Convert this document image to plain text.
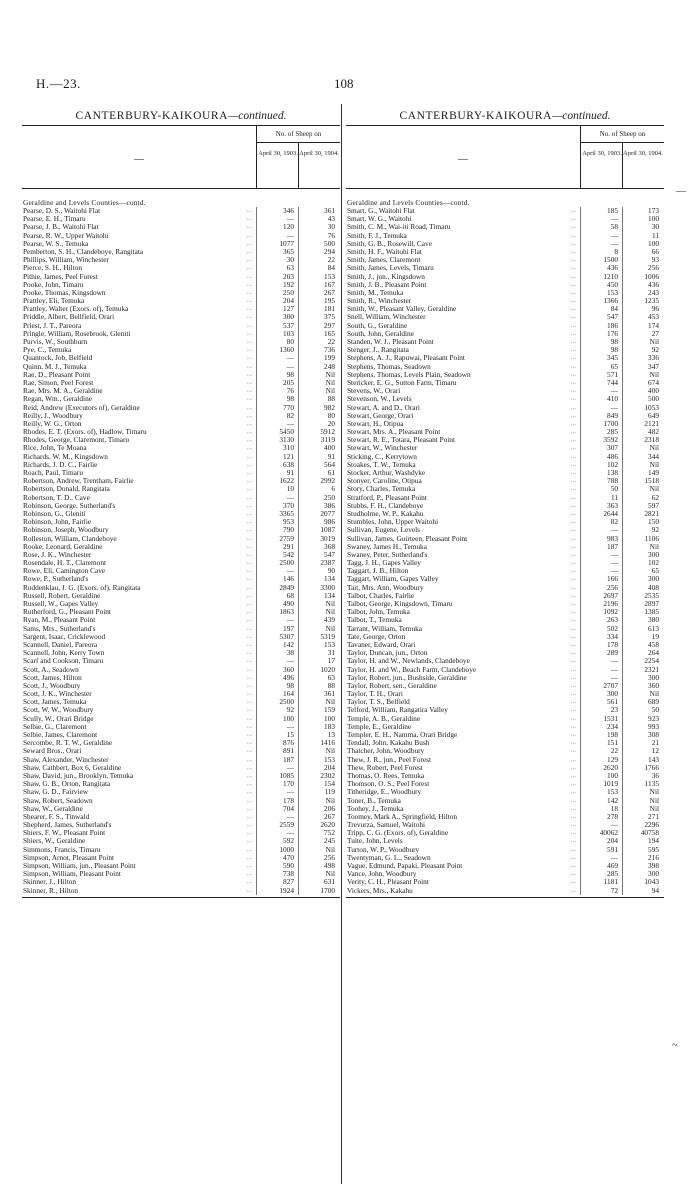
H.—23.	108
CANTERBURY-KAIKOURA—continued.
—
No. of Sheep on
April 30, 1903. April 30, 1904.
Geraldine and Levels Counties—contd.
Pearse, D. S., Waitohi Flat ...	346	361
Pearse, E. H., Timaru ...	—	43
Pearse, J. B., Waitohi Flat ...	120	30
Pearse, R. W., Upper Waitohi ...	—	76
Pearse, W. S., Temuka ...	1077	500
Pemberton, S. H., Clandeboye, Rangitata ...	365	294
Phillips, William, Winchester ...	30	22
Pierce, S. H., Hilton ...	63	84
Pithie, James, Peel Forest ...	203	153
Pooke, John, Timaru ...	192	167
Pooke, Thomas, Kingsdown ...	250	267
Prattley, Eli, Temuka ...	204	195
Prattley, Walter (Exors. of), Temuka ...	127	181
Priddle, Albert, Bellfield, Orari ...	300	375
Priest, J. T., Pareora ...	537	297
Pringle, William, Rosebrook, Gleniti ...	103	165
Purvis, W., Southburn ...	80	22
Pye, C., Temuka ...	1360	736
Quantock, Job, Belfield ...	—	199
Quinn, M. J., Temuka ...	—	248
Rae, D., Pleasant Point ...	98	Nil
Rae, Simon, Peel Forest ...	205	Nil
Rae, Mrs. M. A., Geraldine ...	76	Nil
Regan, Wm., Geraldine ...	98	88
Reid, Andrew (Executors of), Geraldine ...	770	982
Reilly, J., Woodbury ...	82	80
Reilly, W. G., Orton ...	—	20
Rhodes, E. T. (Exors. of), Hadlow, Timaru ...	5450	5912
Rhodes, George, Claremont, Timaru ...	3130	3119
Rice, John, Te Moana ...	310	400
Richards, W. M., Kingsdown ...	121	91
Richards, J. D. C., Fairlie ...	638	564
Roach, Paul, Timaru ...	91	61
Robertson, Andrew, Trentham, Fairlie ...	1622	2992
Robertson, Donald, Rangitata ...	10	6
Robertson, T. D., Cave ...	—	250
Robinson, George, Sutherland's ...	370	386
Robinson, G., Gleniti ...	3365	2077
Robinson, John, Fairlie ...	953	986
Robinson, Joseph, Woodbury ...	790	1087
Rolleston, William, Clandeboye ...	2759	3019
Rooke, Leonard, Geraldine ...	291	368
Rose, J. K., Winchester ...	542	547
Rosendale, H. T., Claremont ...	2500	2387
Rowe, Eli, Camington Cave ...	—	90
Rowe, P., Sutherland's ...	146	134
Ruddenklau, J. G. (Exors. of), Rangitata ...	2849	3300
Russell, Robert, Geraldine ...	68	134
Russell, W., Gapes Valley ...	490	Nil
Rutherford, G., Pleasant Point ...	1863	Nil
Ryan, M., Pleasant Point ...	—	439
Sams, Mrs., Sutherland's ...	197	Nil
Sargent, Isaac, Cricklewood ...	5307	5319
Scannell, Daniel, Pareora ...	142	153
Scannell, John, Kerry Town ...	38	31
Scarf and Cookson, Timaru ...	—	17
Scott, A., Seadown ...	360	1020
Scott, James, Hilton ...	496	63
Scott, J., Woodbury ...	98	88
Scott, J. K., Winchester ...	164	361
Scott, James, Temuka ...	2500	Nil
Scott, W. W., Woodbury ...	92	159
Scully, W., Orari Bridge ...	100	100
Selbie, G., Claremont ...	—	183
Selbie, James, Claremont ...	15	13
Sercombe, R. T. W., Geraldine ...	876	1416
Seward Bros., Orari ...	891	Nil
Shaw, Alexander, Winchester ...	187	153
Shaw, Cathbert, Box 6, Geraldine ...	—	204
Shaw, David, jun., Brooklyn, Temuka ...	1085	2302
Shaw, G. B., Orton, Rangitata ...	170	154
Shaw, G. D., Fairview ...	—	119
Shaw, Robert, Seadown ...	178	Nil
Shaw, W., Geraldine ...	704	206
Shearer, F. S., Tinwald ...	—	267
Shepherd, James, Sutherland's ...	2559	2620
Shiers, F. W., Pleasant Point ...	—	752
Shiers, W., Geraldine ...	592	245
Simmons, Francis, Timaru ...	1000	Nil
Simpson, Arnot, Pleasant Point ...	470	256
Simpson, William, jun., Pleasant Point ...	590	498
Simpson, William, Pleasant Point ...	738	Nil
Skinner, J., Hilton ...	827	631
Skinner, R., Hilton ...	1924	1700
CANTERBURY-KAIKOURA—continued.
—
No. of Sheep on
April 30, 1903. April 30, 1904.
Geraldine and Levels Counties—contd.
Smart, G., Waitohi Flat ...	185	173
Smart, W. G., Waitohi ...	—	100
Smith, C. M., Wai-iti Road, Timaru ...	58	30
Smith, F. J., Temuka ...	—	11
Smith, G. B., Rosewill, Cave ...	—	100
Smith, H. F., Waitohi Flat ...	8	66
Smith, James, Claremont ...	1500	93
Smith, James, Levels, Timaru ...	436	256
Smith, J., jun., Kingsdown ...	1210	1006
Smith, J. B., Pleasant Point ...	450	436
Smith, M., Temuka ...	153	243
Smith, R., Winchester ...	1366	1235
Smith, W., Pleasant Valley, Geraldine ...	84	96
Snell, William, Winchester ...	547	453
South, G., Geraldine ...	186	174
South, John, Geraldine ...	176	27
Standen, W. J., Pleasant Point ...	98	Nil
Stenger, J., Rangitata ...	98	92
Stephens, A. J., Rapuwai, Pleasant Point ...	345	336
Stephens, Thomas, Seadown ...	65	347
Stephens, Thomas, Levels Plain, Seadown ...	571	Nil
Stericker, E. G., Sutton Farm, Timaru ...	744	674
Stevens, W., Orari ...	—	400
Stevenson, W., Levels ...	410	500
Stewart, A. and D., Orari ...	—	1053
Stewart, George, Orari ...	849	649
Stewart, H., Otipua ...	1700	2121
Stewart, Mrs. A., Pleasant Point ...	285	482
Stewart, R. E., Totara, Pleasant Point ...	3592	2318
Stewart, W., Winchester ...	307	Nil
Sticking, C., Kerrytown ...	486	344
Stoakes, T. W., Temuka ...	102	Nil
Stocker, Arthur, Washdyke ...	138	149
Stonyer, Caroline, Otipua ...	788	1518
Story, Charles, Temuka ...	50	Nil
Stratford, P., Pleasant Point ...	11	62
Stubbs, F. H., Clandeboye ...	363	597
Studholme, W. P., Kakahu ...	2644	2821
Stumbles, John, Upper Waitohi ...	82	150
Sullivan, Eugene, Levels ...	—	92
Sullivan, James, Guirteen, Pleasant Point ...	983	1106
Swaney, James H., Temuka ...	187	Nil
Swaney, Peter, Sutherland's ...	—	300
Tagg, J. H., Gapes Valley ...	—	102
Taggart, J. B., Hilton ...	—	65
Taggart, William, Gapes Valley ...	166	300
Tait, Mrs. Ann, Woodbury ...	256	408
Talbot, Charles, Fairlie ...	2697	2535
Talbot, George, Kingsdown, Timaru ...	2196	2897
Talbot, John, Temuka ...	1092	1385
Talbot, T., Temuka ...	263	380
Tarrant, William, Temuka ...	502	613
Tate, George, Orton ...	334	19
Tavaner, Edward, Orari ...	178	458
Taylor, Duncan, jun., Orton ...	289	264
Taylor, H. and W., Newlands, Clandeboye ...	—	2254
Taylor, H. and W., Beach Farm, Clandeboye ...	—	2321
Taylor, Robert, jun., Bushside, Geraldine ...	—	300
Taylor, Robert, sen., Geraldine ...	2707	360
Taylor, T. H., Orari ...	300	Nil
Taylor, T. S., Belfield ...	561	689
Telford, William, Rangatira Valley ...	23	50
Temple, A. B., Geraldine ...	1531	923
Temple, E., Geraldine ...	234	993
Templer, E. H., Namma, Orari Bridge ...	198	308
Tendall, John, Kakahu Bush ...	151	21
Thatcher, John, Woodbury ...	22	12
Thew, J. R., jun., Peel Forest ...	129	143
Thew, Robert, Peel Forest ...	2620	1766
Thomas, O. Rees, Temuka ...	100	36
Thomson, O. S., Peel Forest ...	1019	1135
Titheridge, E., Woodbury ...	153	Nil
Toner, B., Temuka ...	142	Nil
Toohey, J., Temuka ...	18	Nil
Toomey, Mark A., Springfield, Hilton ...	278	271
Trevurza, Samuel, Waitohi ...	—	2296
Tripp, C. G. (Exors. of), Geraldine ...	40062	40758
Tuite, John, Levels ...	204	194
Turton, W. P., Woodbury ...	591	595
Twentyman, G. L., Seadown ...	—	216
Vague, Edmund, Papaki, Pleasant Point ...	469	398
Vance, John, Woodbury ...	285	300
Verity, C. H., Pleasant Point ...	1181	1043
Vickers, Mrs., Kakahu ...	72	94
—
~
